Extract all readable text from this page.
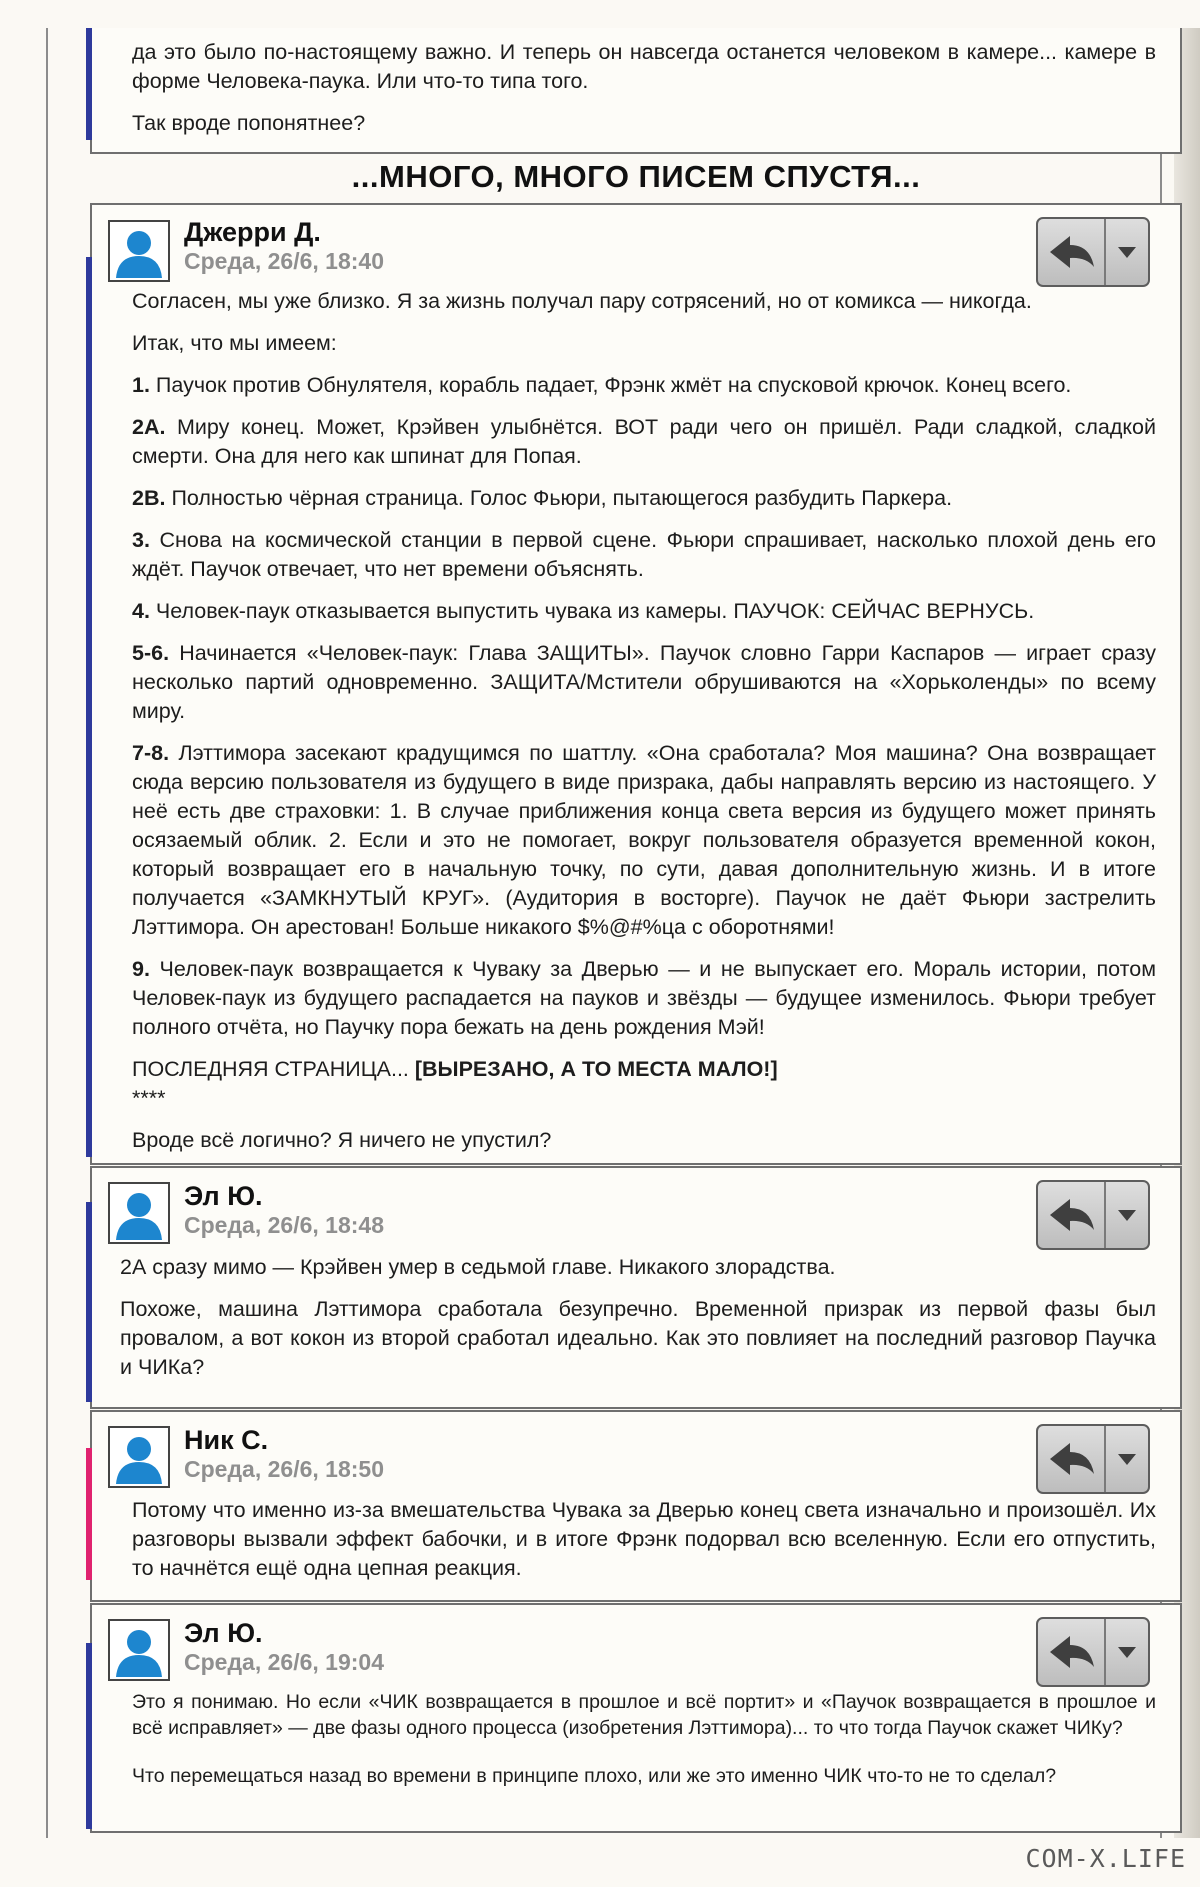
да это было по-настоящему важно. И теперь он навсегда останется человеком в камере... камере в форме Человека-паука. Или что-то типа того.

Так вроде попонятнее?

...МНОГО, МНОГО ПИСЕМ СПУСТЯ...
Джерри Д.
Среда, 26/6, 18:40

Согласен, мы уже близко. Я за жизнь получал пару сотрясений, но от комикса — никогда.

Итак, что мы имеем:

1. Паучок против Обнулятеля, корабль падает, Фрэнк жмёт на спусковой крючок. Конец всего.

2А. Миру конец. Может, Крэйвен улыбнётся. ВОТ ради чего он пришёл. Ради сладкой, сладкой смерти. Она для него как шпинат для Попая.

2В. Полностью чёрная страница. Голос Фьюри, пытающегося разбудить Паркера.

3. Снова на космической станции в первой сцене. Фьюри спрашивает, насколько плохой день его ждёт. Паучок отвечает, что нет времени объяснять.

4. Человек-паук отказывается выпустить чувака из камеры. ПАУЧОК: СЕЙЧАС ВЕРНУСЬ.

5-6. Начинается «Человек-паук: Глава ЗАЩИТЫ». Паучок словно Гарри Каспаров — играет сразу несколько партий одновременно. ЗАЩИТА/Мстители обрушиваются на «Хорьколенды» по всему миру.

7-8. Лэттимора засекают крадущимся по шаттлу. «Она сработала? Моя машина? Она возвращает сюда версию пользователя из будущего в виде призрака, дабы направлять версию из настоящего. У неё есть две страховки: 1. В случае приближения конца света версия из будущего может принять осязаемый облик. 2. Если и это не помогает, вокруг пользователя образуется временной кокон, который возвращает его в начальную точку, по сути, давая дополнительную жизнь. И в итоге получается «ЗАМКНУТЫЙ КРУГ». (Аудитория в восторге). Паучок не даёт Фьюри застрелить Лэттимора. Он арестован! Больше никакого $%@#%ца с оборотнями!

9. Человек-паук возвращается к Чуваку за Дверью — и не выпускает его. Мораль истории, потом Человек-паук из будущего распадается на пауков и звёзды — будущее изменилось. Фьюри требует полного отчёта, но Паучку пора бежать на день рождения Мэй!

ПОСЛЕДНЯЯ СТРАНИЦА... [ВЫРЕЗАНО, А ТО МЕСТА МАЛО!]

****

Вроде всё логично? Я ничего не упустил?

Эл Ю.
Среда, 26/6, 18:48

2А сразу мимо — Крэйвен умер в седьмой главе. Никакого злорадства.

Похоже, машина Лэттимора сработала безупречно. Временной призрак из первой фазы был провалом, а вот кокон из второй сработал идеально. Как это повлияет на последний разговор Паучка и ЧИКа?

Ник С.
Среда, 26/6, 18:50

Потому что именно из-за вмешательства Чувака за Дверью конец света изначально и произошёл. Их разговоры вызвали эффект бабочки, и в итоге Фрэнк подорвал всю вселенную. Если его отпустить, то начнётся ещё одна цепная реакция.

Эл Ю.
Среда, 26/6, 19:04

Это я понимаю. Но если «ЧИК возвращается в прошлое и всё портит» и «Паучок возвращается в прошлое и всё исправляет» — две фазы одного процесса (изобретения Лэттимора)... то что тогда Паучок скажет ЧИКу?

Что перемещаться назад во времени в принципе плохо, или же это именно ЧИК что-то не то сделал?

COM-X.LIFE
